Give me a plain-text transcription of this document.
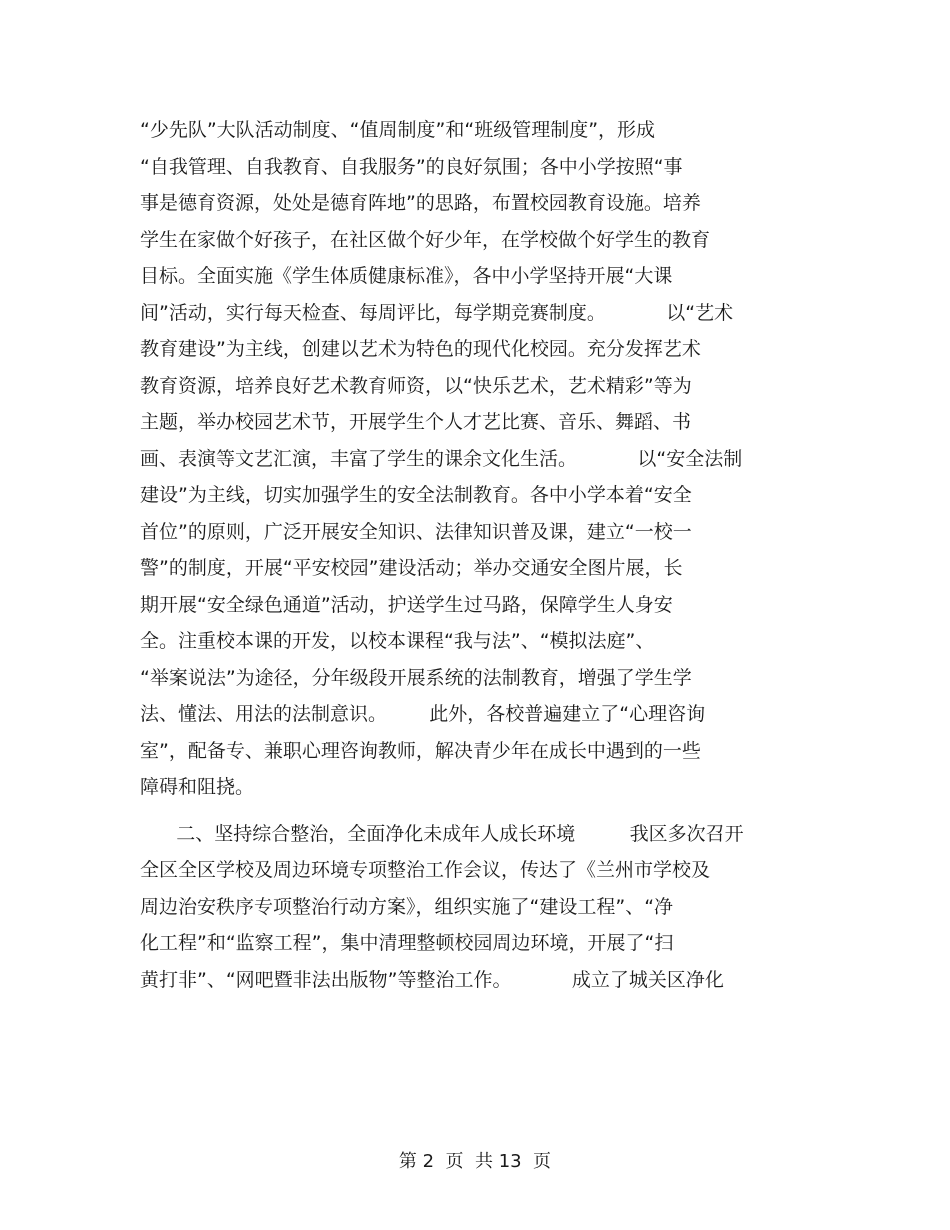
“少先队”大队活动制度、“值周制度”和“班级管理制度”，形成
“自我管理、自我教育、自我服务”的良好氛围；各中小学按照“事
事是德育资源，处处是德育阵地”的思路，布置校园教育设施。培养
学生在家做个好孩子，在社区做个好少年，在学校做个好学生的教育
目标。全面实施《学生体质健康标准》，各中小学坚持开展“大课
间”活动，实行每天检查、每周评比，每学期竞赛制度。          以“艺术
教育建设”为主线，创建以艺术为特色的现代化校园。充分发挥艺术
教育资源，培养良好艺术教育师资，以“快乐艺术，艺术精彩”等为
主题，举办校园艺术节，开展学生个人才艺比赛、音乐、舞蹈、书
画、表演等文艺汇演，丰富了学生的课余文化生活。          以“安全法制
建设”为主线，切实加强学生的安全法制教育。各中小学本着“安全
首位”的原则，广泛开展安全知识、法律知识普及课，建立“一校一
警”的制度，开展“平安校园”建设活动；举办交通安全图片展，长
期开展“安全绿色通道”活动，护送学生过马路，保障学生人身安
全。注重校本课的开发，以校本课程“我与法”、“模拟法庭”、
“举案说法”为途径，分年级段开展系统的法制教育，增强了学生学
法、懂法、用法的法制意识。       此外，各校普遍建立了“心理咨询
室”，配备专、兼职心理咨询教师，解决青少年在成长中遇到的一些
障碍和阻挠。
二、坚持综合整治，全面净化未成年人成长环境         我区多次召开
全区全区学校及周边环境专项整治工作会议，传达了《兰州市学校及
周边治安秩序专项整治行动方案》，组织实施了“建设工程”、“净
化工程”和“监察工程”，集中清理整顿校园周边环境，开展了“扫
黄打非”、“网吧暨非法出版物”等整治工作。          成立了城关区净化
第 2  页  共 13  页
